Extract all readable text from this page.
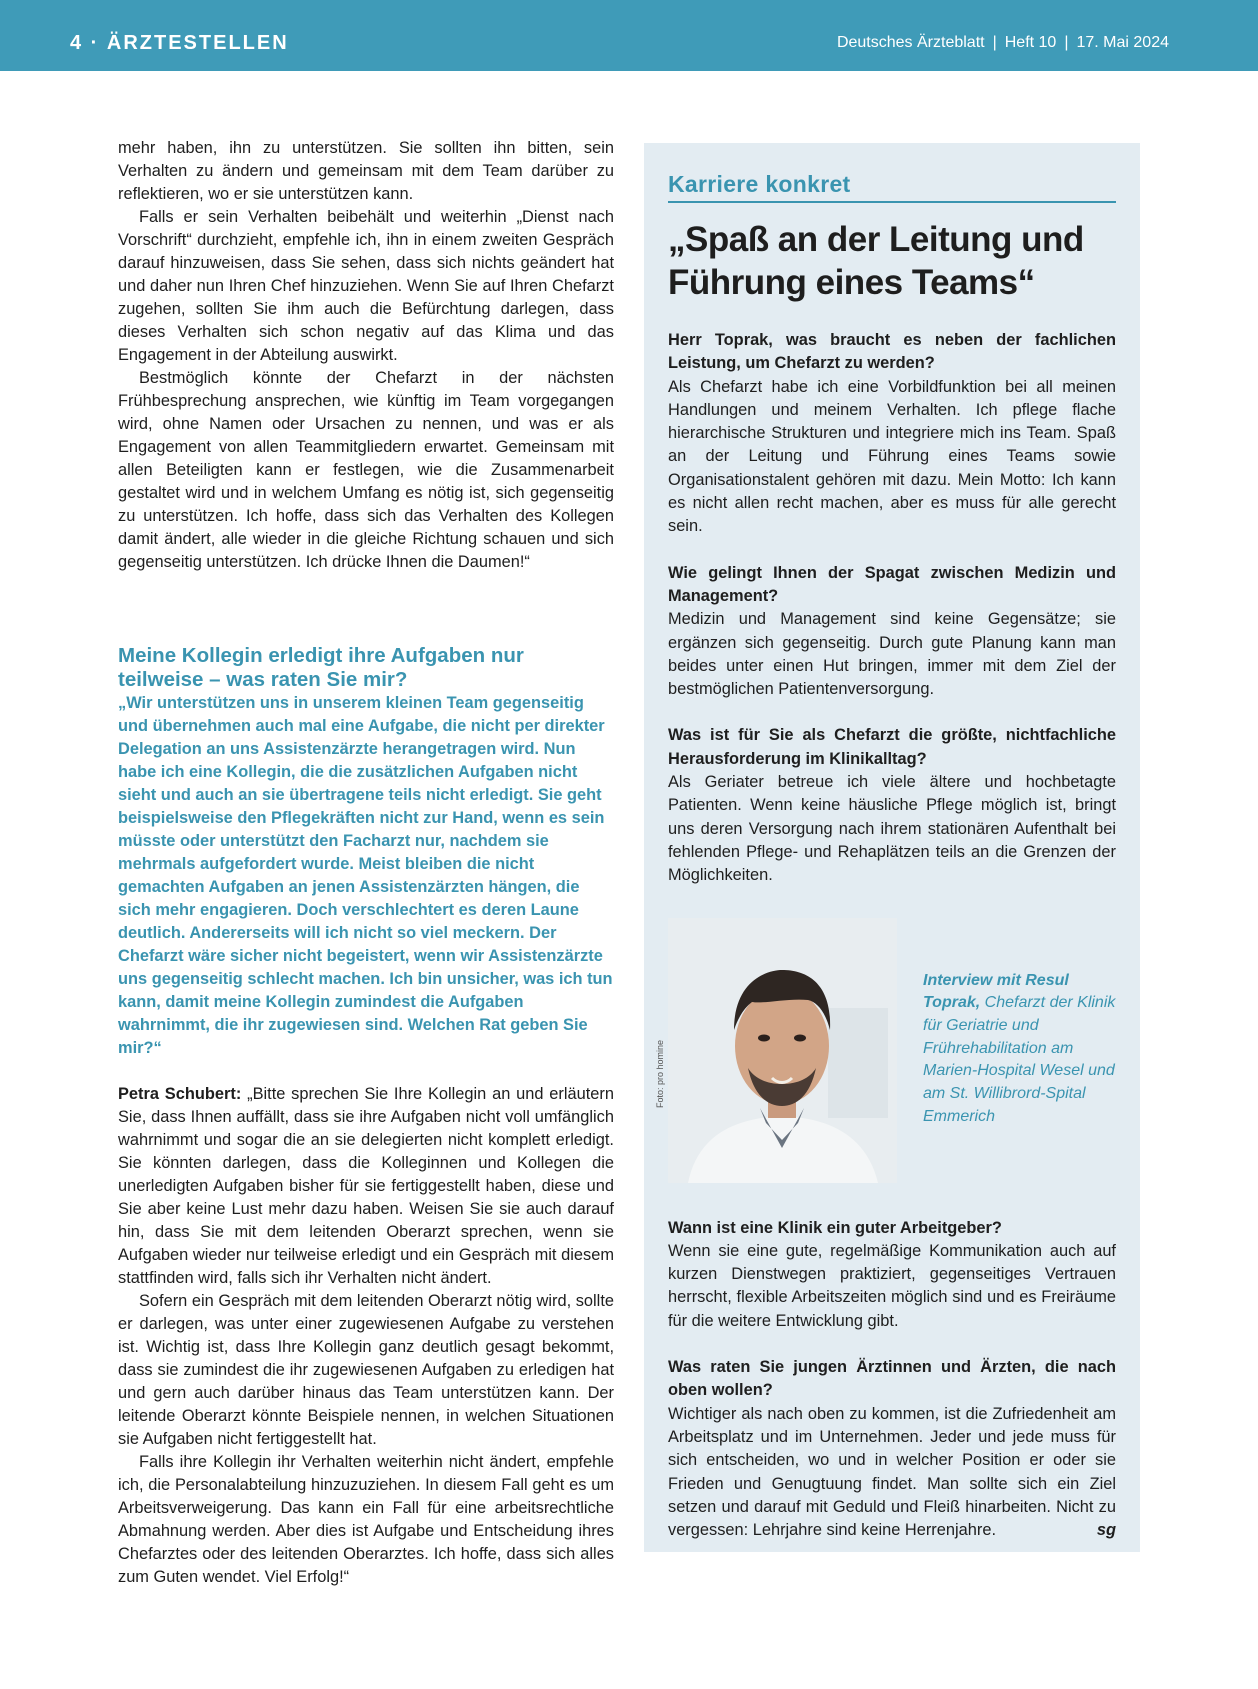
4 · ÄRZTESTELLEN	Deutsches Ärzteblatt | Heft 10 | 17. Mai 2024

mehr haben, ihn zu unterstützen. Sie sollten ihn bitten, sein Verhalten zu ändern und gemeinsam mit dem Team darüber zu reflektieren, wo er sie unterstützen kann.

Falls er sein Verhalten beibehält und weiterhin „Dienst nach Vorschrift“ durchzieht, empfehle ich, ihn in einem zweiten Gespräch darauf hinzuweisen, dass Sie sehen, dass sich nichts geändert hat und daher nun Ihren Chef hinzuziehen. Wenn Sie auf Ihren Chefarzt zugehen, sollten Sie ihm auch die Befürchtung darlegen, dass dieses Verhalten sich schon negativ auf das Klima und das Engagement in der Abteilung auswirkt.

Bestmöglich könnte der Chefarzt in der nächsten Frühbesprechung ansprechen, wie künftig im Team vorgegangen wird, ohne Namen oder Ursachen zu nennen, und was er als Engagement von allen Teammitgliedern erwartet. Gemeinsam mit allen Beteiligten kann er festlegen, wie die Zusammenarbeit gestaltet wird und in welchem Umfang es nötig ist, sich gegenseitig zu unterstützen. Ich hoffe, dass sich das Verhalten des Kollegen damit ändert, alle wieder in die gleiche Richtung schauen und sich gegenseitig unterstützen. Ich drücke Ihnen die Daumen!“

Meine Kollegin erledigt ihre Aufgaben nur teilweise – was raten Sie mir?

„Wir unterstützen uns in unserem kleinen Team gegenseitig und übernehmen auch mal eine Aufgabe, die nicht per direkter Delegation an uns Assistenzärzte herangetragen wird. Nun habe ich eine Kollegin, die die zusätzlichen Aufgaben nicht sieht und auch an sie übertragene teils nicht erledigt. Sie geht beispielsweise den Pflegekräften nicht zur Hand, wenn es sein müsste oder unterstützt den Facharzt nur, nachdem sie mehrmals aufgefordert wurde. Meist bleiben die nicht gemachten Aufgaben an jenen Assistenzärzten hängen, die sich mehr engagieren. Doch verschlechtert es deren Laune deutlich. Andererseits will ich nicht so viel meckern. Der Chefarzt wäre sicher nicht begeistert, wenn wir Assistenzärzte uns gegenseitig schlecht machen. Ich bin unsicher, was ich tun kann, damit meine Kollegin zumindest die Aufgaben wahrnimmt, die ihr zugewiesen sind. Welchen Rat geben Sie mir?“

Petra Schubert: „Bitte sprechen Sie Ihre Kollegin an und erläutern Sie, dass Ihnen auffällt, dass sie ihre Aufgaben nicht voll umfänglich wahrnimmt und sogar die an sie delegierten nicht komplett erledigt. Sie könnten darlegen, dass die Kolleginnen und Kollegen die unerledigten Aufgaben bisher für sie fertiggestellt haben, diese und Sie aber keine Lust mehr dazu haben. Weisen Sie sie auch darauf hin, dass Sie mit dem leitenden Oberarzt sprechen, wenn sie Aufgaben wieder nur teilweise erledigt und ein Gespräch mit diesem stattfinden wird, falls sich ihr Verhalten nicht ändert.

Sofern ein Gespräch mit dem leitenden Oberarzt nötig wird, sollte er darlegen, was unter einer zugewiesenen Aufgabe zu verstehen ist. Wichtig ist, dass Ihre Kollegin ganz deutlich gesagt bekommt, dass sie zumindest die ihr zugewiesenen Aufgaben zu erledigen hat und gern auch darüber hinaus das Team unterstützen kann. Der leitende Oberarzt könnte Beispiele nennen, in welchen Situationen sie Aufgaben nicht fertiggestellt hat.

Falls ihre Kollegin ihr Verhalten weiterhin nicht ändert, empfehle ich, die Personalabteilung hinzuzuziehen. In diesem Fall geht es um Arbeitsverweigerung. Das kann ein Fall für eine arbeitsrechtliche Abmahnung werden. Aber dies ist Aufgabe und Entscheidung ihres Chefarztes oder des leitenden Oberarztes. Ich hoffe, dass sich alles zum Guten wendet. Viel Erfolg!“

Karriere konkret
„Spaß an der Leitung und Führung eines Teams“
Herr Toprak, was braucht es neben der fachlichen Leistung, um Chefarzt zu werden?

Als Chefarzt habe ich eine Vorbildfunktion bei all meinen Handlungen und meinem Verhalten. Ich pflege flache hierarchische Strukturen und integriere mich ins Team. Spaß an der Leitung und Führung eines Teams sowie Organisationstalent gehören mit dazu. Mein Motto: Ich kann es nicht allen recht machen, aber es muss für alle gerecht sein.

Wie gelingt Ihnen der Spagat zwischen Medizin und Management?

Medizin und Management sind keine Gegensätze; sie ergänzen sich gegenseitig. Durch gute Planung kann man beides unter einen Hut bringen, immer mit dem Ziel der bestmöglichen Patientenversorgung.

Was ist für Sie als Chefarzt die größte, nichtfachliche Herausforderung im Klinikalltag?

Als Geriater betreue ich viele ältere und hochbetagte Patienten. Wenn keine häusliche Pflege möglich ist, bringt uns deren Versorgung nach ihrem stationären Aufenthalt bei fehlenden Pflege- und Rehaplätzen teils an die Grenzen der Möglichkeiten.

Foto: pro homine
Interview mit Resul Toprak, Chefarzt der Klinik für Geriatrie und Frührehabilitation am Marien-Hospital Wesel und am St. Willibrord-Spital Emmerich
Wann ist eine Klinik ein guter Arbeitgeber?

Wenn sie eine gute, regelmäßige Kommunikation auch auf kurzen Dienstwegen praktiziert, gegenseitiges Vertrauen herrscht, flexible Arbeitszeiten möglich sind und es Freiräume für die weitere Entwicklung gibt.

Was raten Sie jungen Ärztinnen und Ärzten, die nach oben wollen?

Wichtiger als nach oben zu kommen, ist die Zufriedenheit am Arbeitsplatz und im Unternehmen. Jeder und jede muss für sich entscheiden, wo und in welcher Position er oder sie Frieden und Genugtuung findet. Man sollte sich ein Ziel setzen und darauf mit Geduld und Fleiß hinarbeiten. Nicht zu vergessen: Lehrjahre sind keine Herrenjahre.	sg
